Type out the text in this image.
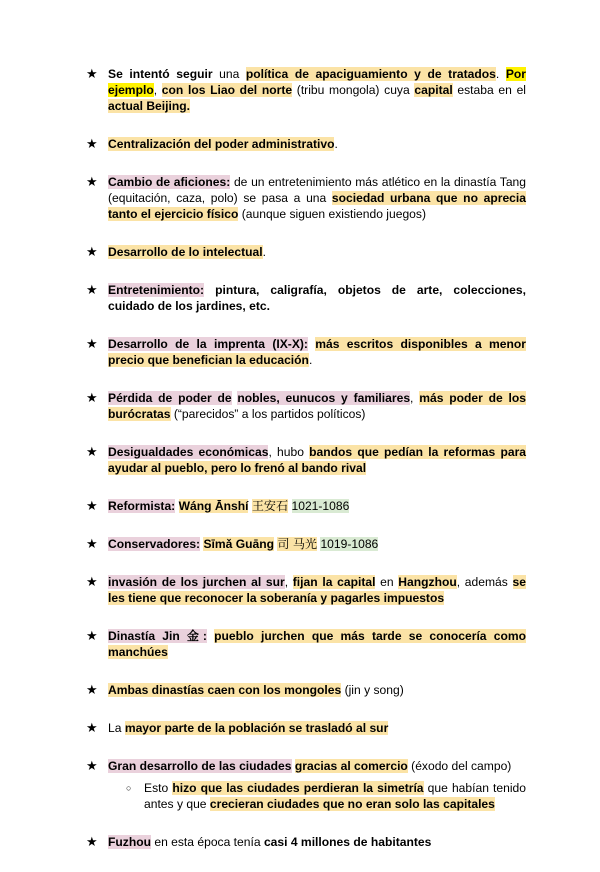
★ Se intentó seguir una política de apaciguamiento y de tratados. Por ejemplo, con los Liao del norte (tribu mongola) cuya capital estaba en el actual Beijing.
★ Centralización del poder administrativo.
★ Cambio de aficiones: de un entretenimiento más atlético en la dinastía Tang (equitación, caza, polo) se pasa a una sociedad urbana que no aprecia tanto el ejercicio físico (aunque siguen existiendo juegos)
★ Desarrollo de lo intelectual.
★ Entretenimiento: pintura, caligrafía, objetos de arte, colecciones, cuidado de los jardines, etc.
★ Desarrollo de la imprenta (IX-X): más escritos disponibles a menor precio que benefician la educación.
★ Pérdida de poder de nobles, eunucos y familiares, más poder de los burócratas (“parecidos” a los partidos políticos)
★ Desigualdades económicas, hubo bandos que pedían la reformas para ayudar al pueblo, pero lo frenó al bando rival
★ Reformista: Wáng Ānshí 王安石 1021-1086
★ Conservadores: Sīmǎ Guāng 司 马光 1019-1086
★ invasión de los jurchen al sur, fijan la capital en Hangzhou, además se les tiene que reconocer la soberanía y pagarles impuestos
★ Dinastía Jin 金: pueblo jurchen que más tarde se conocería como manchúes
★ Ambas dinastías caen con los mongoles (jin y song)
★ La mayor parte de la población se trasladó al sur
★ Gran desarrollo de las ciudades gracias al comercio (éxodo del campo)
○ Esto hizo que las ciudades perdieran la simetría que habían tenido antes y que crecieran ciudades que no eran solo las capitales
★ Fuzhou en esta época tenía casi 4 millones de habitantes
